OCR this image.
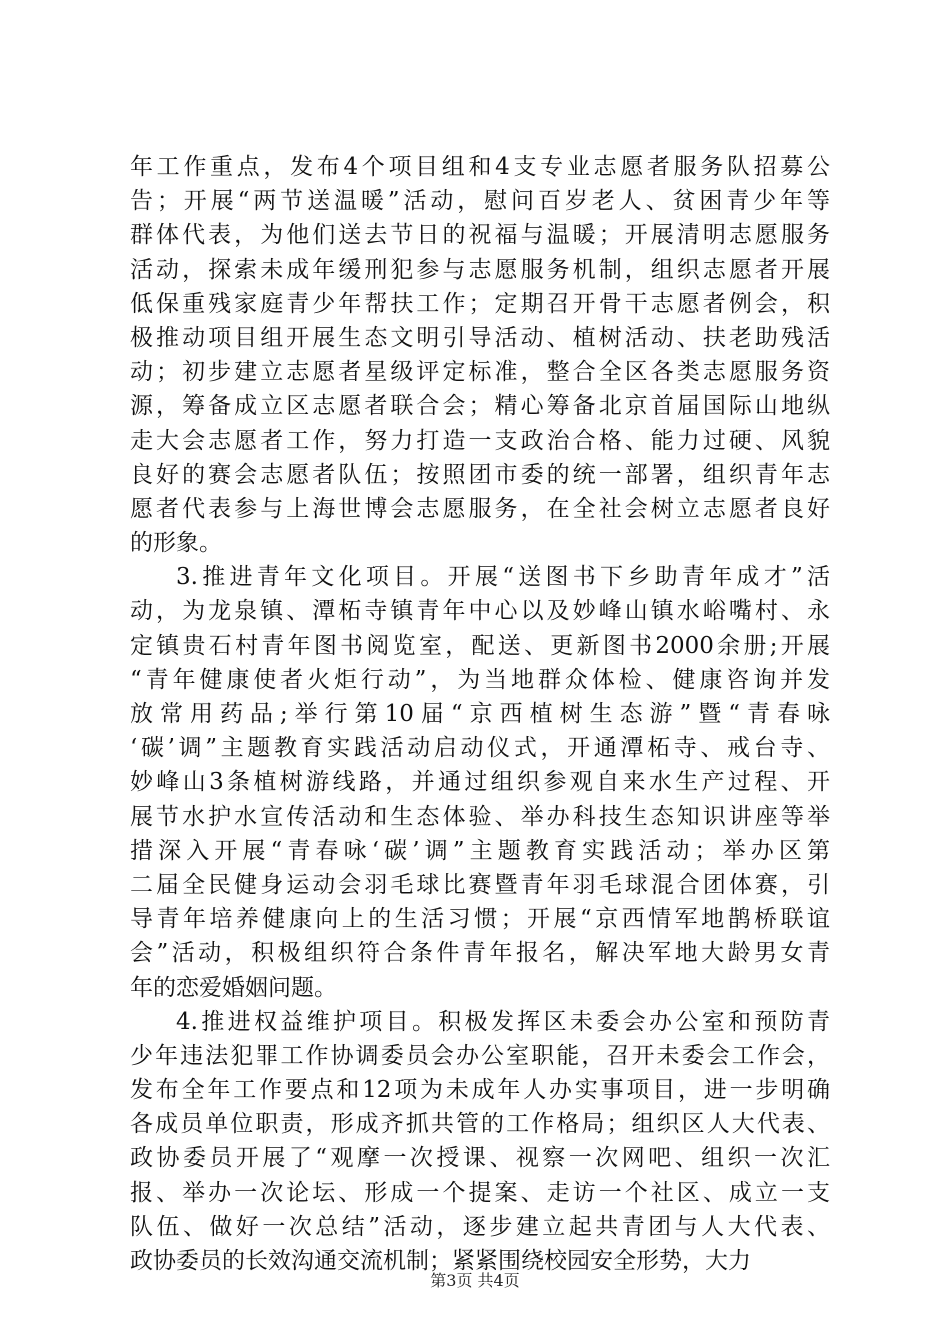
年工作重点，发布4个项目组和4支专业志愿者服务队招募公
告；开展“两节送温暖”活动，慰问百岁老人、贫困青少年等
群体代表，为他们送去节日的祝福与温暖；开展清明志愿服务
活动，探索未成年缓刑犯参与志愿服务机制，组织志愿者开展
低保重残家庭青少年帮扶工作；定期召开骨干志愿者例会，积
极推动项目组开展生态文明引导活动、植树活动、扶老助残活
动；初步建立志愿者星级评定标准，整合全区各类志愿服务资
源，筹备成立区志愿者联合会；精心筹备北京首届国际山地纵
走大会志愿者工作，努力打造一支政治合格、能力过硬、风貌
良好的赛会志愿者队伍；按照团市委的统一部署，组织青年志
愿者代表参与上海世博会志愿服务，在全社会树立志愿者良好
的形象。
3.推进青年文化项目。开展“送图书下乡助青年成才”活
动，为龙泉镇、潭柘寺镇青年中心以及妙峰山镇水峪嘴村、永
定镇贵石村青年图书阅览室，配送、更新图书2000余册;开展
“青年健康使者火炬行动”，为当地群众体检、健康咨询并发
放常用药品;举行第10届“京西植树生态游”暨“青春咏
‘碳’调”主题教育实践活动启动仪式，开通潭柘寺、戒台寺、
妙峰山3条植树游线路，并通过组织参观自来水生产过程、开
展节水护水宣传活动和生态体验、举办科技生态知识讲座等举
措深入开展“青春咏‘碳’调”主题教育实践活动；举办区第
二届全民健身运动会羽毛球比赛暨青年羽毛球混合团体赛，引
导青年培养健康向上的生活习惯；开展“京西情军地鹊桥联谊
会”活动，积极组织符合条件青年报名，解决军地大龄男女青
年的恋爱婚姻问题。
4.推进权益维护项目。积极发挥区未委会办公室和预防青
少年违法犯罪工作协调委员会办公室职能，召开未委会工作会，
发布全年工作要点和12项为未成年人办实事项目，进一步明确
各成员单位职责，形成齐抓共管的工作格局；组织区人大代表、
政协委员开展了“观摩一次授课、视察一次网吧、组织一次汇
报、举办一次论坛、形成一个提案、走访一个社区、成立一支
队伍、做好一次总结”活动，逐步建立起共青团与人大代表、
政协委员的长效沟通交流机制；紧紧围绕校园安全形势，大力
第3页 共4页
